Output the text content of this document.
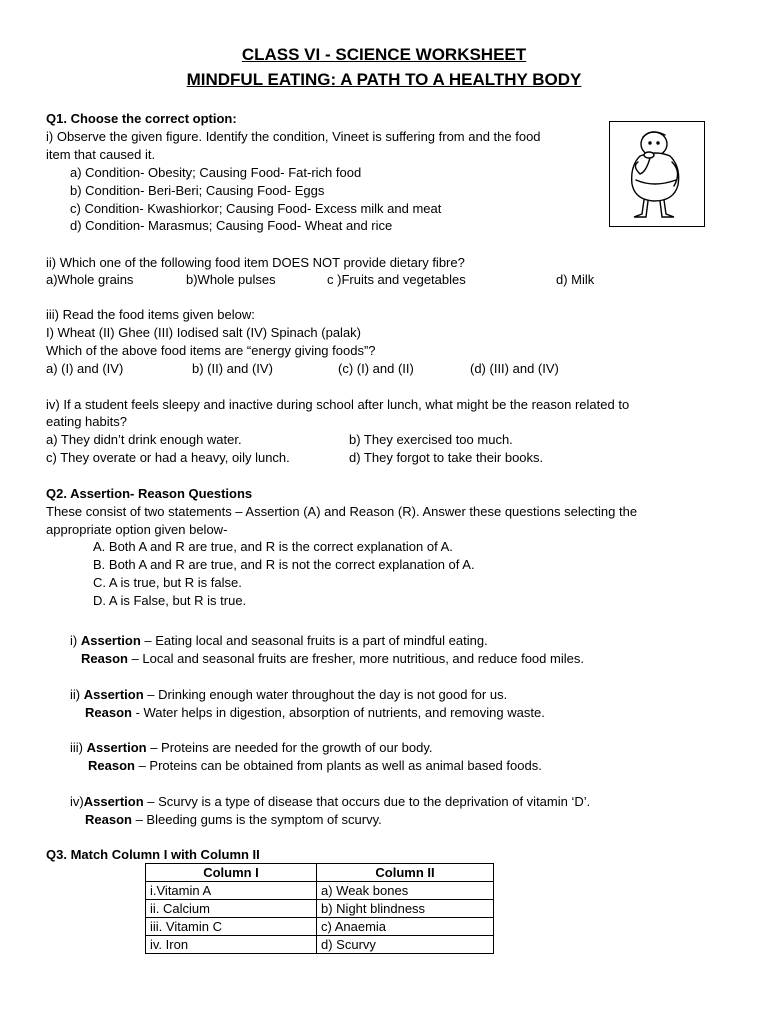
CLASS VI - SCIENCE WORKSHEET
MINDFUL EATING: A PATH TO A HEALTHY BODY
Q1. Choose the correct option:
i) Observe the given figure. Identify the condition, Vineet is suffering from and the food
item that caused it.
a) Condition- Obesity; Causing Food- Fat-rich food
b) Condition- Beri-Beri; Causing Food- Eggs
c) Condition- Kwashiorkor; Causing Food- Excess milk and meat
d) Condition- Marasmus; Causing Food- Wheat and rice
ii) Which one of the following food item DOES NOT provide dietary fibre?
a)Whole grains	b)Whole pulses	c )Fruits and vegetables	d) Milk
iii) Read the food items given below:
I) Wheat (II) Ghee (III) Iodised salt (IV) Spinach (palak)
Which of the above food items are “energy giving foods”?
a) (I) and (IV)	b) (II) and (IV)	(c) (I) and (II)	(d) (III) and (IV)
iv) If a student feels sleepy and inactive during school after lunch, what might be the reason related to
eating habits?
a) They didn’t drink enough water.	b) They exercised too much.
c) They overate or had a heavy, oily lunch.	d) They forgot to take their books.
Q2. Assertion- Reason Questions
These consist of two statements – Assertion (A) and Reason (R). Answer these questions selecting the
appropriate option given below-
A. Both A and R are true, and R is the correct explanation of A.
B. Both A and R are true, and R is not the correct explanation of A.
C. A is true, but R is false.
D. A is False, but R is true.
i) Assertion – Eating local and seasonal fruits is a part of mindful eating.
Reason – Local and seasonal fruits are fresher, more nutritious, and reduce food miles.
ii) Assertion – Drinking enough water throughout the day is not good for us.
Reason - Water helps in digestion, absorption of nutrients, and removing waste.
iii) Assertion – Proteins are needed for the growth of our body.
Reason – Proteins can be obtained from plants as well as animal based foods.
iv)Assertion – Scurvy is a type of disease that occurs due to the deprivation of vitamin ‘D’.
Reason – Bleeding gums is the symptom of scurvy.
Q3. Match Column I with Column II
Column I	Column II
i.Vitamin A	a) Weak bones
ii. Calcium	b) Night blindness
iii. Vitamin C	c) Anaemia
iv. Iron	d) Scurvy
